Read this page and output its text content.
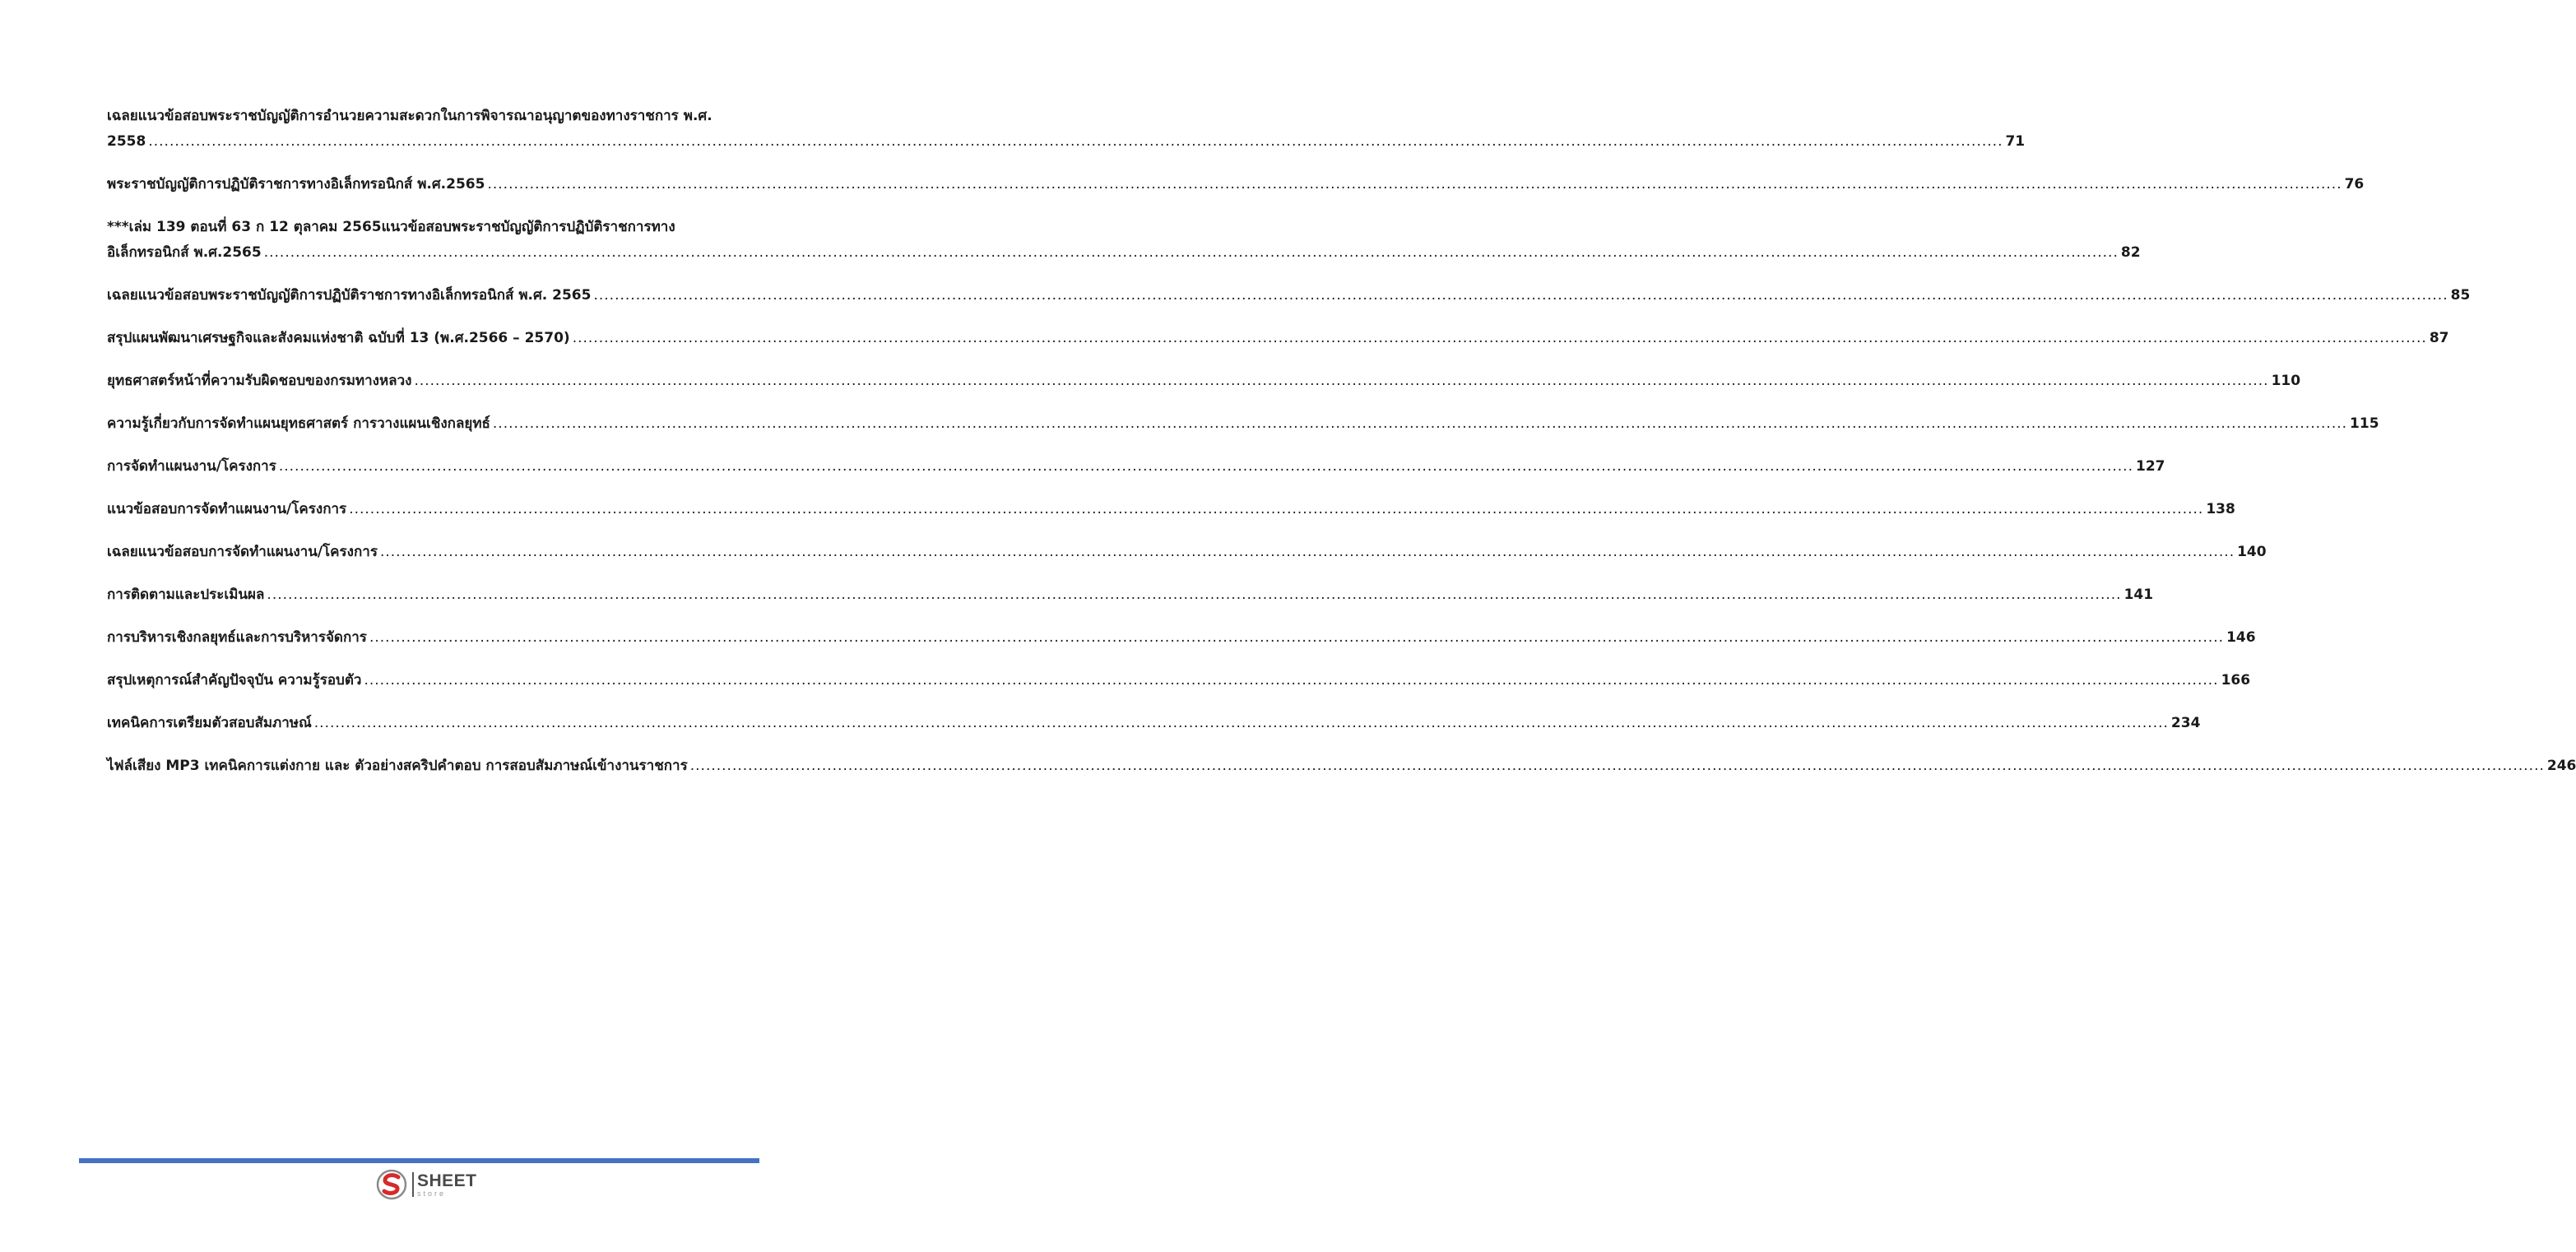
เฉลยแนวข้อสอบพระราชบัญญัติการอำนวยความสะดวกในการพิจารณาอนุญาตของทางราชการ พ.ศ.
2558 .....	71
พระราชบัญญัติการปฏิบัติราชการทางอิเล็กทรอนิกส์ พ.ศ.2565 .....	76
***เล่ม 139 ตอนที่ 63 ก 12 ตุลาคม 2565แนวข้อสอบพระราชบัญญัติการปฏิบัติราชการทาง
อิเล็กทรอนิกส์ พ.ศ.2565 .....	82
เฉลยแนวข้อสอบพระราชบัญญัติการปฏิบัติราชการทางอิเล็กทรอนิกส์ พ.ศ. 2565 .....	85
สรุปแผนพัฒนาเศรษฐกิจและสังคมแห่งชาติ ฉบับที่ 13 (พ.ศ.2566 – 2570) .....	87
ยุทธศาสตร์หน้าที่ความรับผิดชอบของกรมทางหลวง .....	110
ความรู้เกี่ยวกับการจัดทำแผนยุทธศาสตร์ การวางแผนเชิงกลยุทธ์ .....	115
การจัดทำแผนงาน/โครงการ .....	127
แนวข้อสอบการจัดทำแผนงาน/โครงการ .....	138
เฉลยแนวข้อสอบการจัดทำแผนงาน/โครงการ .....	140
การติดตามและประเมินผล .....	141
การบริหารเชิงกลยุทธ์และการบริหารจัดการ .....	146
สรุปเหตุการณ์สำคัญปัจจุบัน ความรู้รอบตัว .....	166
เทคนิคการเตรียมตัวสอบสัมภาษณ์ .....	234
ไฟล์เสียง MP3 เทคนิคการแต่งกาย และ ตัวอย่างสคริปคำตอบ การสอบสัมภาษณ์เข้างานราชการ .....	246
SHEET
store
